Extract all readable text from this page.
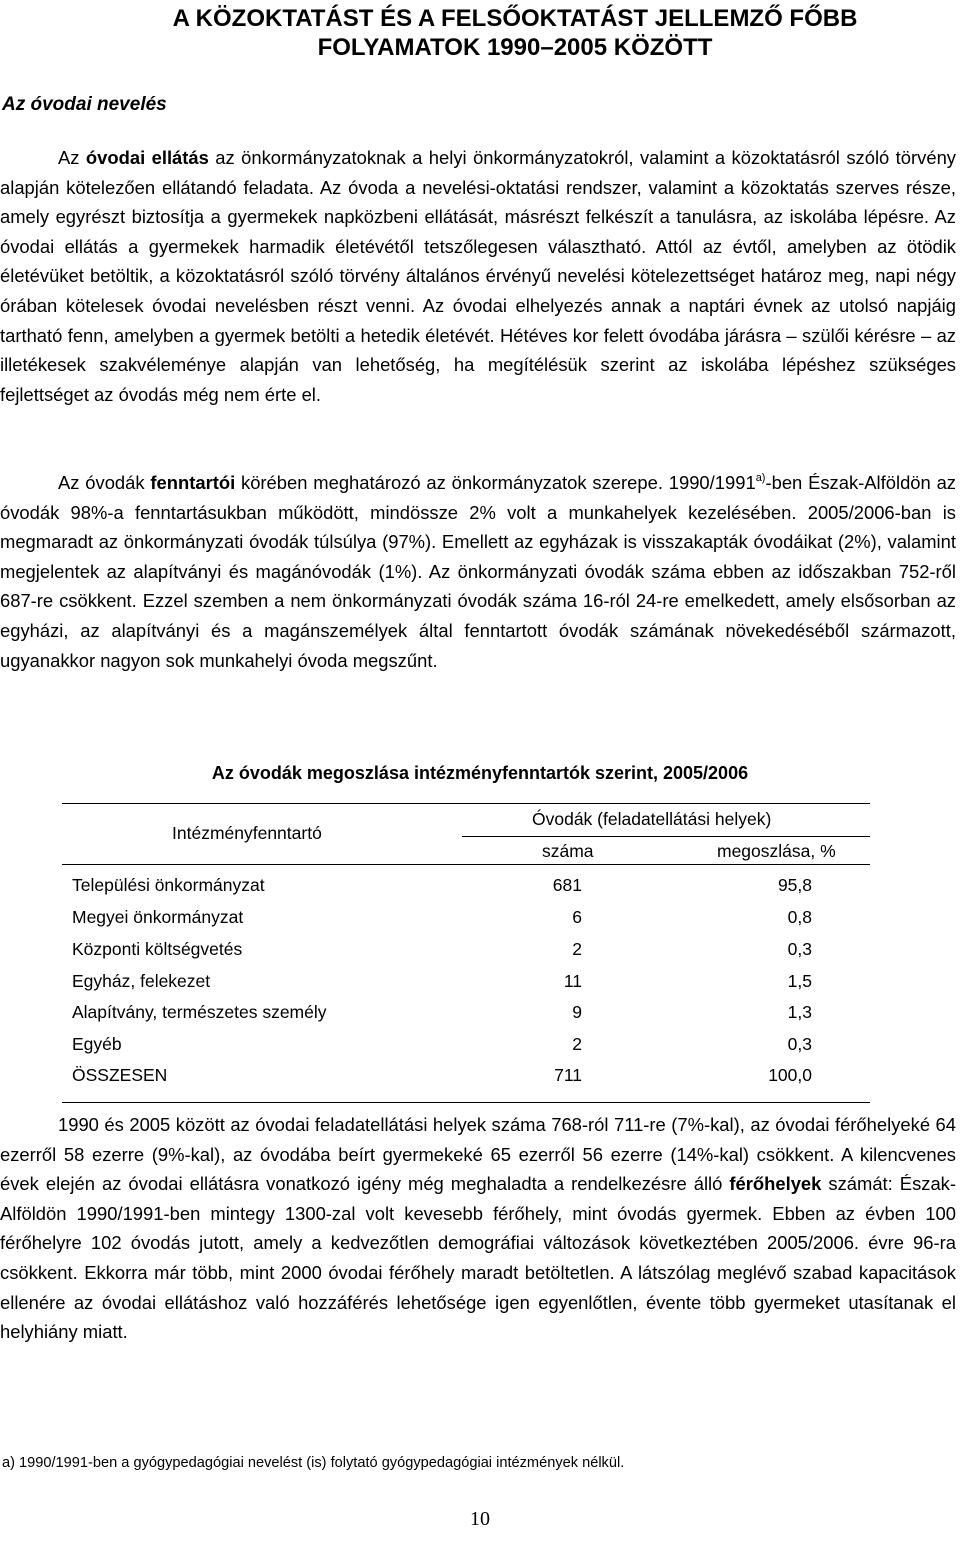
A KÖZOKTATÁST ÉS A FELSŐOKTATÁST JELLEMZŐ FŐBB
FOLYAMATOK 1990–2005 KÖZÖTT
Az óvodai nevelés

Az óvodai ellátás az önkormányzatoknak a helyi önkormányzatokról, valamint a közoktatásról szóló törvény alapján kötelezően ellátandó feladata. Az óvoda a nevelési-oktatási rendszer, valamint a közoktatás szerves része, amely egyrészt biztosítja a gyermekek napközbeni ellátását, másrészt felkészít a tanulásra, az iskolába lépésre. Az óvodai ellátás a gyermekek harmadik életévétől tetszőlegesen választható. Attól az évtől, amelyben az ötödik életévüket betöltik, a közoktatásról szóló törvény általános érvényű nevelési kötelezettséget határoz meg, napi négy órában kötelesek óvodai nevelésben részt venni. Az óvodai elhelyezés annak a naptári évnek az utolsó napjáig tartható fenn, amelyben a gyermek betölti a hetedik életévét. Hétéves kor felett óvodába járásra – szülői kérésre – az illetékesek szakvéleménye alapján van lehetőség, ha megítélésük szerint az iskolába lépéshez szükséges fejlettséget az óvodás még nem érte el.

Az óvodák fenntartói körében meghatározó az önkormányzatok szerepe. 1990/1991$^{a)}$-ben Észak-Alföldön az óvodák 98%-a fenntartásukban működött, mindössze 2% volt a munkahelyek kezelésében. 2005/2006-ban is megmaradt az önkormányzati óvodák túlsúlya (97%). Emellett az egyházak is visszakapták óvodáikat (2%), valamint megjelentek az alapítványi és magánóvodák (1%). Az önkormányzati óvodák száma ebben az időszakban 752-ről 687-re csökkent. Ezzel szemben a nem önkormányzati óvodák száma 16-ról 24-re emelkedett, amely elsősorban az egyházi, az alapítványi és a magánszemélyek által fenntartott óvodák számának növekedéséből származott, ugyanakkor nagyon sok munkahelyi óvoda megszűnt.

Az óvodák megoszlása intézményfenntartók szerint, 2005/2006
Intézményfenntartó
Óvodák (feladatellátási helyek)
száma	megoszlása, %
Települési önkormányzat	681	95,8
Megyei önkormányzat	6	0,8
Központi költségvetés	2	0,3
Egyház, felekezet	11	1,5
Alapítvány, természetes személy	9	1,3
Egyéb	2	0,3
ÖSSZESEN	711	100,0

1990 és 2005 között az óvodai feladatellátási helyek száma 768-ról 711-re (7%-kal), az óvodai férőhelyeké 64 ezerről 58 ezerre (9%-kal), az óvodába beírt gyermekeké 65 ezerről 56 ezerre (14%-kal) csökkent. A kilencvenes évek elején az óvodai ellátásra vonatkozó igény még meghaladta a rendelkezésre álló férőhelyek számát: Észak-Alföldön 1990/1991-ben mintegy 1300-zal volt kevesebb férőhely, mint óvodás gyermek. Ebben az évben 100 férőhelyre 102 óvodás jutott, amely a kedvezőtlen demográfiai változások következtében 2005/2006. évre 96-ra csökkent. Ekkorra már több, mint 2000 óvodai férőhely maradt betöltetlen. A látszólag meglévő szabad kapacitások ellenére az óvodai ellátáshoz való hozzáférés lehetősége igen egyenlőtlen, évente több gyermeket utasítanak el helyhiány miatt.

a) 1990/1991-ben a gyógypedagógiai nevelést (is) folytató gyógypedagógiai intézmények nélkül.
10
